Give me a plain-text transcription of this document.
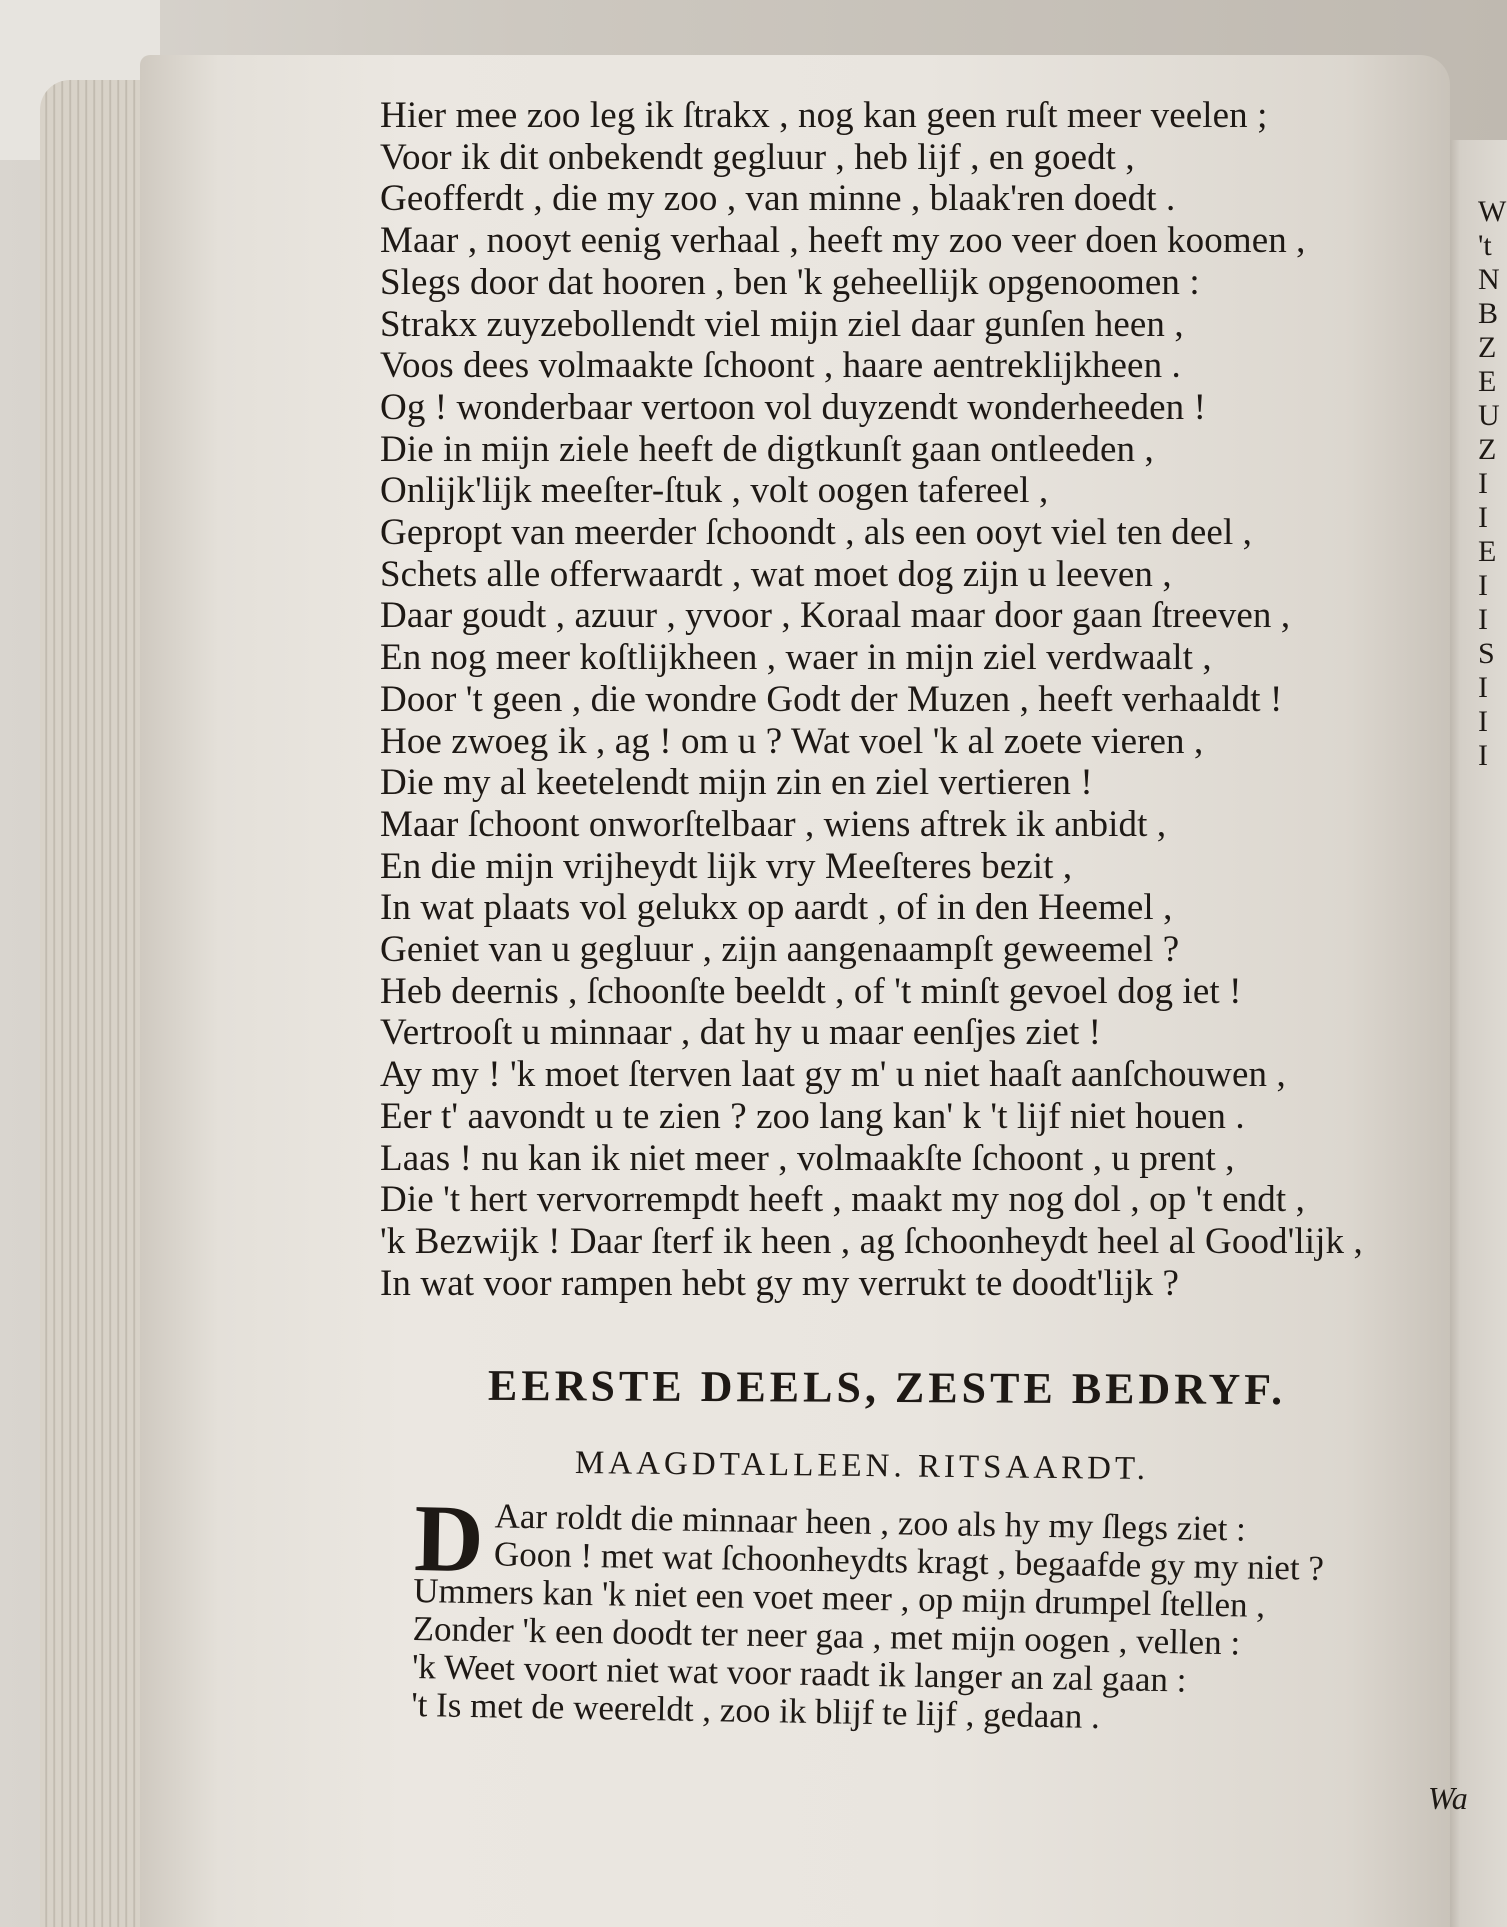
W
't
N
B
Z
E
U
Z
I
I
E
I
I
S
I
I
I
Hier mee zoo leg ik ſtrakx , nog kan geen ruſt meer veelen ;
Voor ik dit onbekendt gegluur , heb lijf , en goedt ,
Geofferdt , die my zoo , van minne , blaak'ren doedt .
Maar , nooyt eenig verhaal , heeft my zoo veer doen koomen ,
Slegs door dat hooren , ben 'k geheellijk opgenoomen :
Strakx zuyzebollendt viel mijn ziel daar gunſen heen ,
Voos dees volmaakte ſchoont , haare aentreklijkheen .
Og ! wonderbaar vertoon vol duyzendt wonderheeden !
Die in mijn ziele heeft de digtkunſt gaan ontleeden ,
Onlijk'lijk meeſter-ſtuk , volt oogen tafereel ,
Gepropt van meerder ſchoondt , als een ooyt viel ten deel ,
Schets alle offerwaardt , wat moet dog zijn u leeven ,
Daar goudt , azuur , yvoor , Koraal maar door gaan ſtreeven ,
En nog meer koſtlijkheen , waer in mijn ziel verdwaalt ,
Door 't geen , die wondre Godt der Muzen , heeft verhaaldt !
Hoe zwoeg ik , ag ! om u ? Wat voel 'k al zoete vieren ,
Die my al keetelendt mijn zin en ziel vertieren !
Maar ſchoont onworſtelbaar , wiens aftrek ik anbidt ,
En die mijn vrijheydt lijk vry Meeſteres bezit ,
In wat plaats vol gelukx op aardt , of in den Heemel ,
Geniet van u gegluur , zijn aangenaampſt geweemel ?
Heb deernis , ſchoonſte beeldt , of 't minſt gevoel dog iet !
Vertrooſt u minnaar , dat hy u maar eenſjes ziet !
Ay my ! 'k moet ſterven laat gy m' u niet haaſt aanſchouwen ,
Eer t' aavondt u te zien ? zoo lang kan' k 't lijf niet houen .
Laas ! nu kan ik niet meer , volmaakſte ſchoont , u prent ,
Die 't hert vervorrempdt heeft , maakt my nog dol , op 't endt ,
'k Bezwijk ! Daar ſterf ik heen , ag ſchoonheydt heel al Good'lijk ,
In wat voor rampen hebt gy my verrukt te doodt'lijk ?
EERSTE DEELS, ZESTE BEDRYF.
MAAGDTALLEEN. RITSAARDT.
D Aar roldt die minnaar heen , zoo als hy my ſlegs ziet :
Goon ! met wat ſchoonheydts kragt , begaafde gy my niet ?
Ummers kan 'k niet een voet meer , op mijn drumpel ſtellen ,
Zonder 'k een doodt ter neer gaa , met mijn oogen , vellen :
'k Weet voort niet wat voor raadt ik langer an zal gaan :
't Is met de weereldt , zoo ik blijf te lijf , gedaan .
Wa
